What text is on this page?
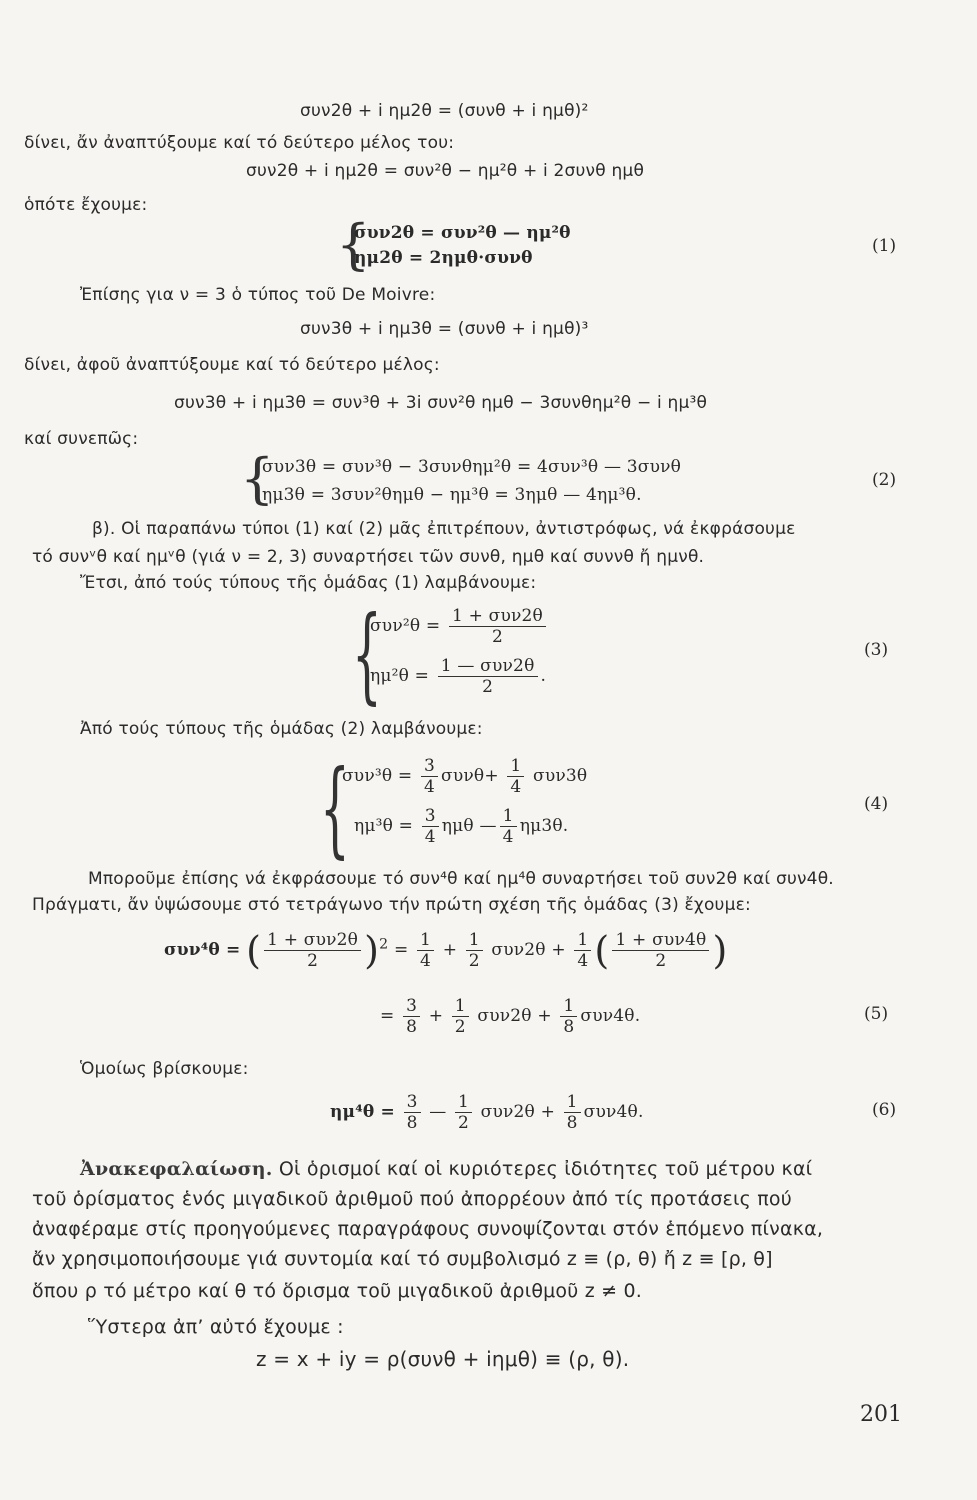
συν2θ + i ημ2θ = (συνθ + i ημθ)²
δίνει, ἄν ἀναπτύξουμε καί τό δεύτερο μέλος του:
συν2θ + i ημ2θ = συν²θ − ημ²θ + i 2συνθ ημθ
ὁπότε ἔχουμε:
{
συν2θ = συν²θ — ημ²θ
ημ2θ = 2ημθ·συνθ
(1)
Ἐπίσης για ν = 3 ὁ τύπος τοῦ De Moivre:
συν3θ + i ημ3θ = (συνθ + i ημθ)³
δίνει, ἀφοῦ ἀναπτύξουμε καί τό δεύτερο μέλος:
συν3θ + i ημ3θ = συν³θ + 3i συν²θ ημθ − 3συνθημ²θ − i ημ³θ
καί συνεπῶς:
{
συν3θ = συν³θ − 3συνθημ²θ = 4συν³θ — 3συνθ
ημ3θ = 3συν²θημθ − ημ³θ = 3ημθ — 4ημ³θ.
(2)
β). Οἱ παραπάνω τύποι (1) καί (2) μᾶς ἐπιτρέπουν, ἀντιστρόφως, νά ἐκφράσουμε
τό συνᵛθ καί ημᵛθ (γιά ν = 2, 3) συναρτήσει τῶν συνθ, ημθ καί συννθ ἤ ημνθ.
Ἔτσι, ἀπό τούς τύπους τῆς ὁμάδας (1) λαμβάνουμε:
{
$\sigma\upsilon\nu^2\theta = \frac{\text{1 + συν2θ}}{2}$
$\eta\mu^2\theta = \frac{\text{1 — συν2θ}}{2}$ .
(3)
Ἀπό τούς τύπους τῆς ὁμάδας (2) λαμβάνουμε:
{
$\sigma\upsilon\nu^3\theta = \frac{3}{4} \sigma\upsilon\nu\theta+ \frac{1}{4} \sigma\upsilon\nu 3\theta$
$\eta\mu^3\theta = \frac{3}{4}$ ημθ — $\frac{1}{4} \eta\mu 3\theta$.
(4)
Μποροῦμε ἐπίσης νά ἐκφράσουμε τό συν⁴θ καί ημ⁴θ συναρτήσει τοῦ συν2θ καί συν4θ.
Πράγματι, ἄν ὑψώσουμε στό τετράγωνο τήν πρώτη σχέση τῆς ὁμάδας (3) ἔχουμε:
συν⁴θ = ( $\frac{\text{1 + συν2θ}}{2} )^2 = \frac{1}{4} + \frac{1}{2} \sigma\upsilon\nu 2\theta + \frac{1}{4}$ ( $\frac{\text{1 + συν4θ}}{2}$ )
= $\frac{3}{8} + \frac{1}{2} \sigma\upsilon\nu 2\theta + \frac{1}{8} \sigma\upsilon\nu 4\theta$.	(5)
Ὁμοίως βρίσκουμε:
$\eta\mu^4\theta = \frac{3}{8}$ — $\frac{1}{2} \sigma\upsilon\nu 2\theta + \frac{1}{8} \sigma\upsilon\nu 4\theta$.	(6)
Ἀνακεφαλαίωση. Οἱ ὁρισμοί καί οἱ κυριότερες ἰδιότητες τοῦ μέτρου καί
τοῦ ὁρίσματος ἑνός μιγαδικοῦ ἀριθμοῦ πού ἀπορρέουν ἀπό τίς προτάσεις πού
ἀναφέραμε στίς προηγούμενες παραγράφους συνοψίζονται στόν ἑπόμενο πίνακα,
ἄν χρησιμοποιήσουμε γιά συντομία καί τό συμβολισμό z ≡ (ρ, θ) ἤ z ≡ [ρ, θ]
ὅπου ρ τό μέτρο καί θ τό ὅρισμα τοῦ μιγαδικοῦ ἀριθμοῦ z ≠ 0.
Ὕστερα ἀπ’ αὐτό ἔχουμε :
z = x + iy = ρ(συνθ + iημθ) ≡ (ρ, θ).
201
